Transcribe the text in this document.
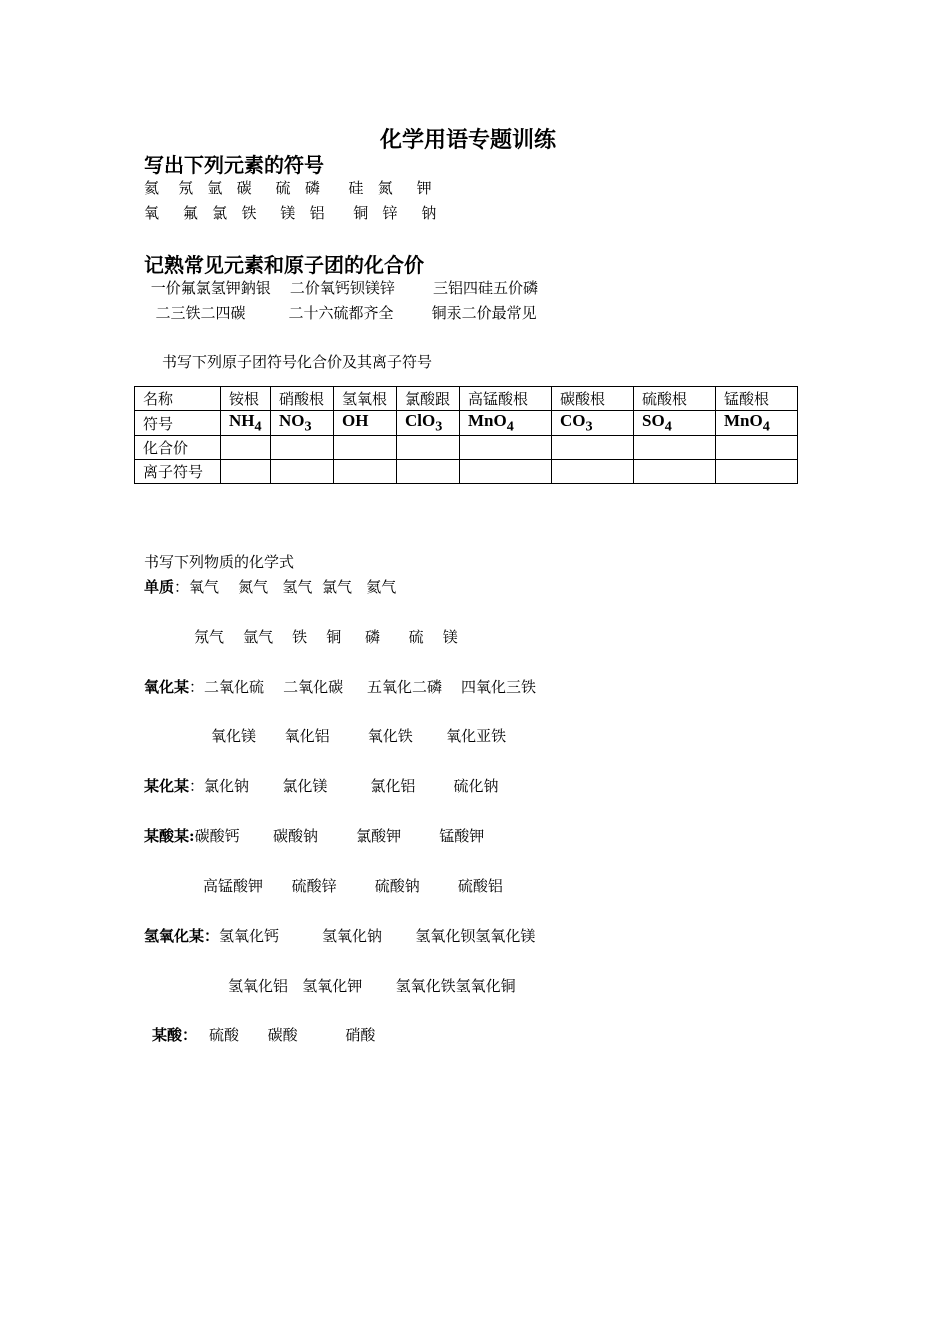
化学用语专题训练
写出下列元素的符号
氦    氖   氩   碳     硫   磷      硅   氮     钾
氧     氟   氯   铁     镁   铝      铜   锌     钠
记熟常见元素和原子团的化合价
一价氟氯氢钾鈉银    二价氧钙钡镁锌        三铝四硅五价磷
二三铁二四碳         二十六硫都齐全        铜汞二价最常见
书写下列原子团符号化合价及其离子符号
名称	铵根	硝酸根	氢氧根	氯酸跟	高锰酸根	碳酸根	硫酸根	锰酸根
符号	$NH_4$	$NO_3$	OH	ClO$_3$	MnO$_4$	$CO_3$	$SO_4$	MnO$_4$
化合价								
离子符号								
书写下列物质的化学式
单质：氧气    氮气   氢气  氯气   氦气
氖气    氩气    铁    铜     磷      硫    镁
氧化某：二氧化硫    二氧化碳     五氧化二磷    四氧化三铁
氧化镁      氧化铝        氧化铁       氧化亚铁
某化某：氯化钠       氯化镁         氯化铝        硫化钠
某酸某:碳酸钙       碳酸钠        氯酸钾        锰酸钾
高锰酸钾      硫酸锌        硫酸钠        硫酸铝
氢氧化某：氢氧化钙         氢氧化钠       氢氧化钡氢氧化镁
氢氧化铝   氢氧化钾       氢氧化铁氢氧化铜
某酸： 硫酸      碳酸          硝酸
